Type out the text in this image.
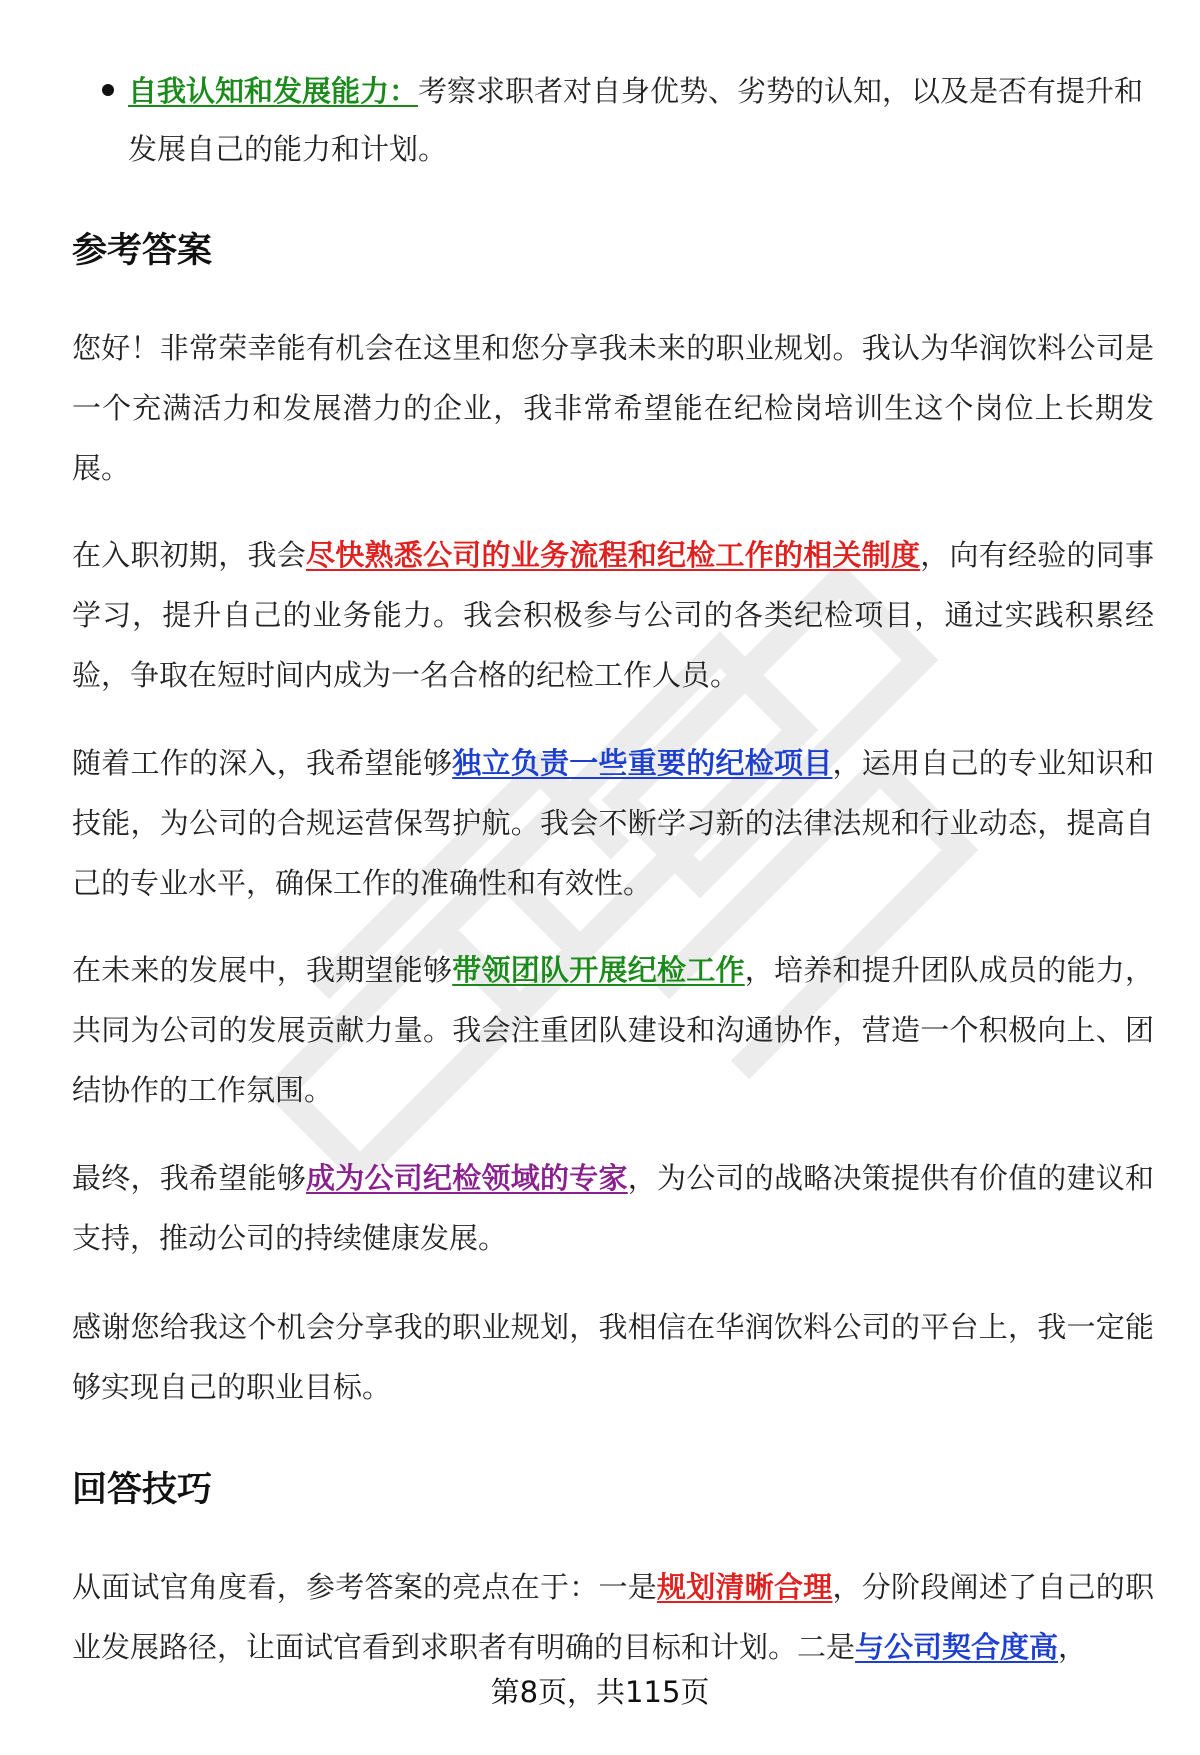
自我认知和发展能力：考察求职者对自身优势、劣势的认知，以及是否有提升和发展自己的能力和计划。
参考答案

您好！非常荣幸能有机会在这里和您分享我未来的职业规划。我认为华润饮料公司是一个充满活力和发展潜力的企业，我非常希望能在纪检岗培训生这个岗位上长期发展。

在入职初期，我会尽快熟悉公司的业务流程和纪检工作的相关制度，向有经验的同事学习，提升自己的业务能力。我会积极参与公司的各类纪检项目，通过实践积累经验，争取在短时间内成为一名合格的纪检工作人员。

随着工作的深入，我希望能够独立负责一些重要的纪检项目，运用自己的专业知识和技能，为公司的合规运营保驾护航。我会不断学习新的法律法规和行业动态，提高自己的专业水平，确保工作的准确性和有效性。

在未来的发展中，我期望能够带领团队开展纪检工作，培养和提升团队成员的能力，共同为公司的发展贡献力量。我会注重团队建设和沟通协作，营造一个积极向上、团结协作的工作氛围。

最终，我希望能够成为公司纪检领域的专家，为公司的战略决策提供有价值的建议和支持，推动公司的持续健康发展。

感谢您给我这个机会分享我的职业规划，我相信在华润饮料公司的平台上，我一定能够实现自己的职业目标。

回答技巧

从面试官角度看，参考答案的亮点在于：一是规划清晰合理，分阶段阐述了自己的职业发展路径，让面试官看到求职者有明确的目标和计划。二是与公司契合度高，

第8页，共115页
